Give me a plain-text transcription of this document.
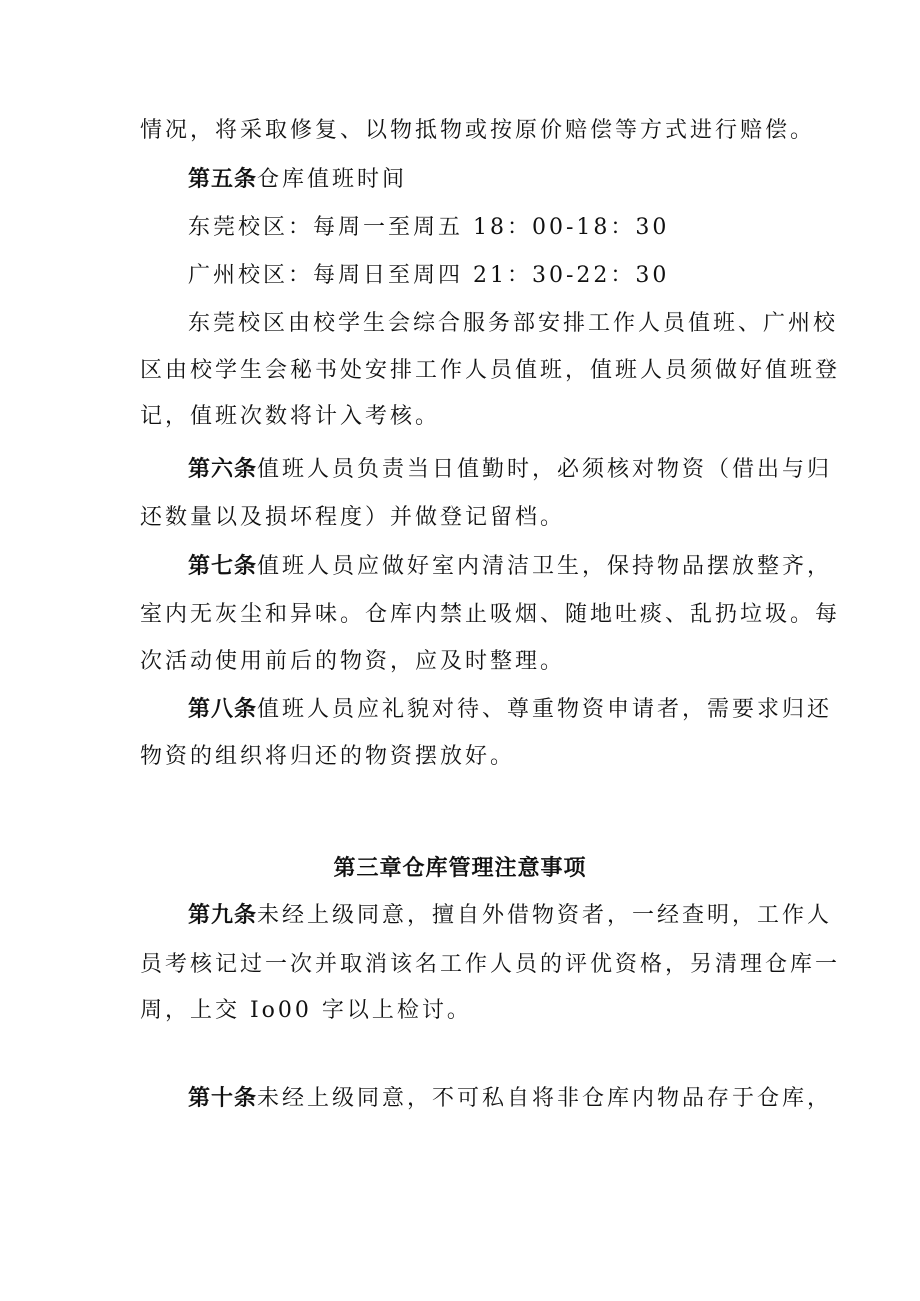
情况，将采取修复、以物抵物或按原价赔偿等方式进行赔偿。
第五条仓库值班时间
东莞校区：每周一至周五 18：00-18：30
广州校区：每周日至周四 21：30-22：30
东莞校区由校学生会综合服务部安排工作人员值班、广州校
区由校学生会秘书处安排工作人员值班，值班人员须做好值班登
记，值班次数将计入考核。
第六条值班人员负责当日值勤时，必须核对物资（借出与归
还数量以及损坏程度）并做登记留档。
第七条值班人员应做好室内清洁卫生，保持物品摆放整齐，
室内无灰尘和异味。仓库内禁止吸烟、随地吐痰、乱扔垃圾。每
次活动使用前后的物资，应及时整理。
第八条值班人员应礼貌对待、尊重物资申请者，需要求归还
物资的组织将归还的物资摆放好。
第三章仓库管理注意事项
第九条未经上级同意，擅自外借物资者，一经查明，工作人
员考核记过一次并取消该名工作人员的评优资格，另清理仓库一
周，上交 Io00 字以上检讨。
第十条未经上级同意，不可私自将非仓库内物品存于仓库，
